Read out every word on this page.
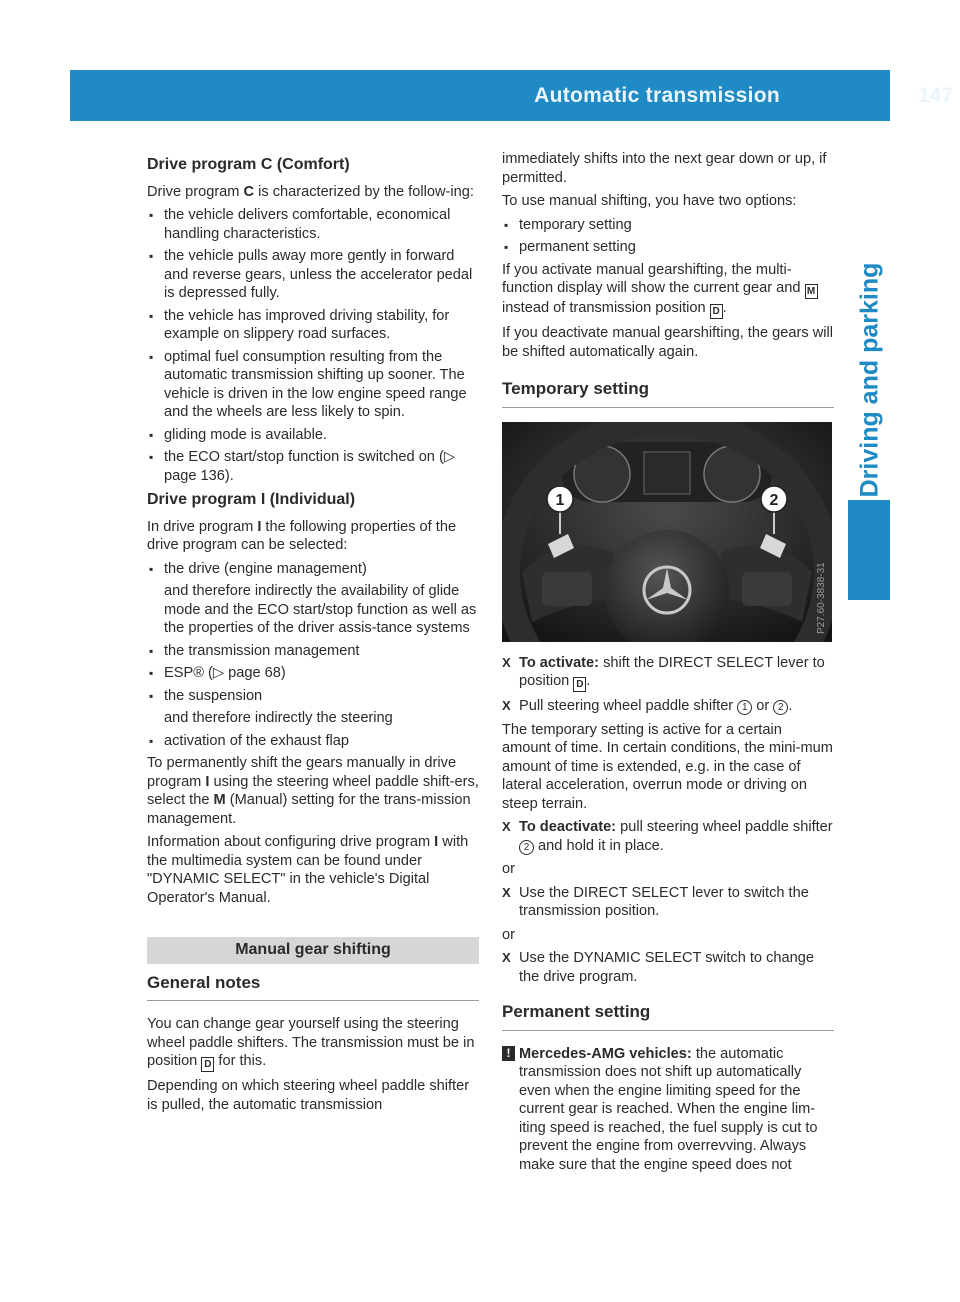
Automatic transmission	147
Driving and parking
Drive program C (Comfort)

Drive program C is characterized by the follow-ing:

▪ the vehicle delivers comfortable, economical handling characteristics.
▪ the vehicle pulls away more gently in forward and reverse gears, unless the accelerator pedal is depressed fully.
▪ the vehicle has improved driving stability, for example on slippery road surfaces.
▪ optimal fuel consumption resulting from the automatic transmission shifting up sooner. The vehicle is driven in the low engine speed range and the wheels are less likely to spin.
▪ gliding mode is available.
▪ the ECO start/stop function is switched on (▷ page 136).
Drive program I (Individual)

In drive program I the following properties of the drive program can be selected:

▪ the drive (engine management)
and therefore indirectly the availability of glide mode and the ECO start/stop function as well as the properties of the driver assis-tance systems
▪ the transmission management
▪ ESP® (▷ page 68)
▪ the suspension
and therefore indirectly the steering
▪ activation of the exhaust flap

To permanently shift the gears manually in drive program I using the steering wheel paddle shift-ers, select the M (Manual) setting for the trans-mission management.

Information about configuring drive program I with the multimedia system can be found under "DYNAMIC SELECT" in the vehicle's Digital Operator's Manual.

Manual gear shifting
General notes

You can change gear yourself using the steering wheel paddle shifters. The transmission must be in position D for this.

Depending on which steering wheel paddle shifter is pulled, the automatic transmission

immediately shifts into the next gear down or up, if permitted.

To use manual shifting, you have two options:

▪ temporary setting
▪ permanent setting

If you activate manual gearshifting, the multi-function display will show the current gear and M instead of transmission position D .

If you deactivate manual gearshifting, the gears will be shifted automatically again.

Temporary setting
1	2
P27.60-3838-31
X To activate: shift the DIRECT SELECT lever to position D .
X Pull steering wheel paddle shifter 1 or 2 .

The temporary setting is active for a certain amount of time. In certain conditions, the mini-mum amount of time is extended, e.g. in the case of lateral acceleration, overrun mode or driving on steep terrain.

X To deactivate: pull steering wheel paddle shifter 2 and hold it in place.

or

X Use the DIRECT SELECT lever to switch the transmission position.

or

X Use the DYNAMIC SELECT switch to change the drive program.
Permanent setting
! Mercedes-AMG vehicles: the automatic transmission does not shift up automatically even when the engine limiting speed for the current gear is reached. When the engine lim-iting speed is reached, the fuel supply is cut to prevent the engine from overrevving. Always make sure that the engine speed does not
